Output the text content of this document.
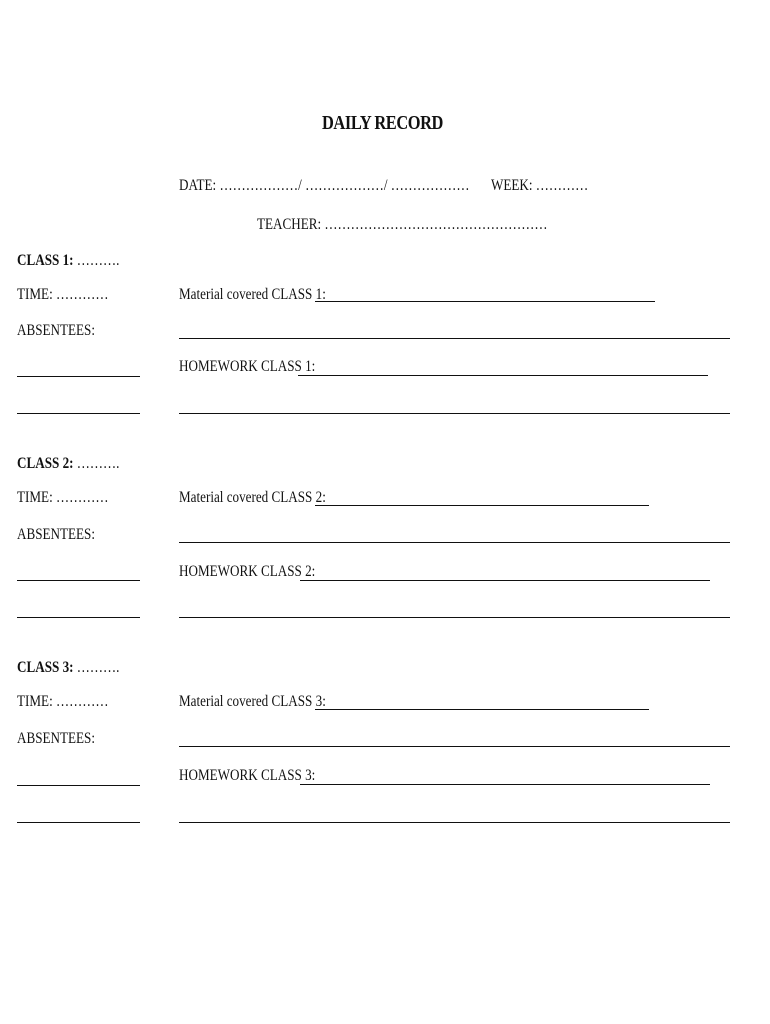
DAILY RECORD
DATE: ………………/ ………………/ ……………… WEEK: …………
TEACHER: ……………………………………………
CLASS 1: ……….
TIME: …………	Material covered CLASS 1:
ABSENTEES:
HOMEWORK CLASS 1:
CLASS 2: ……….
TIME: …………	Material covered CLASS 2:
ABSENTEES:
HOMEWORK CLASS 2:
CLASS 3: ……….
TIME: …………	Material covered CLASS 3:
ABSENTEES:
HOMEWORK CLASS 3:
